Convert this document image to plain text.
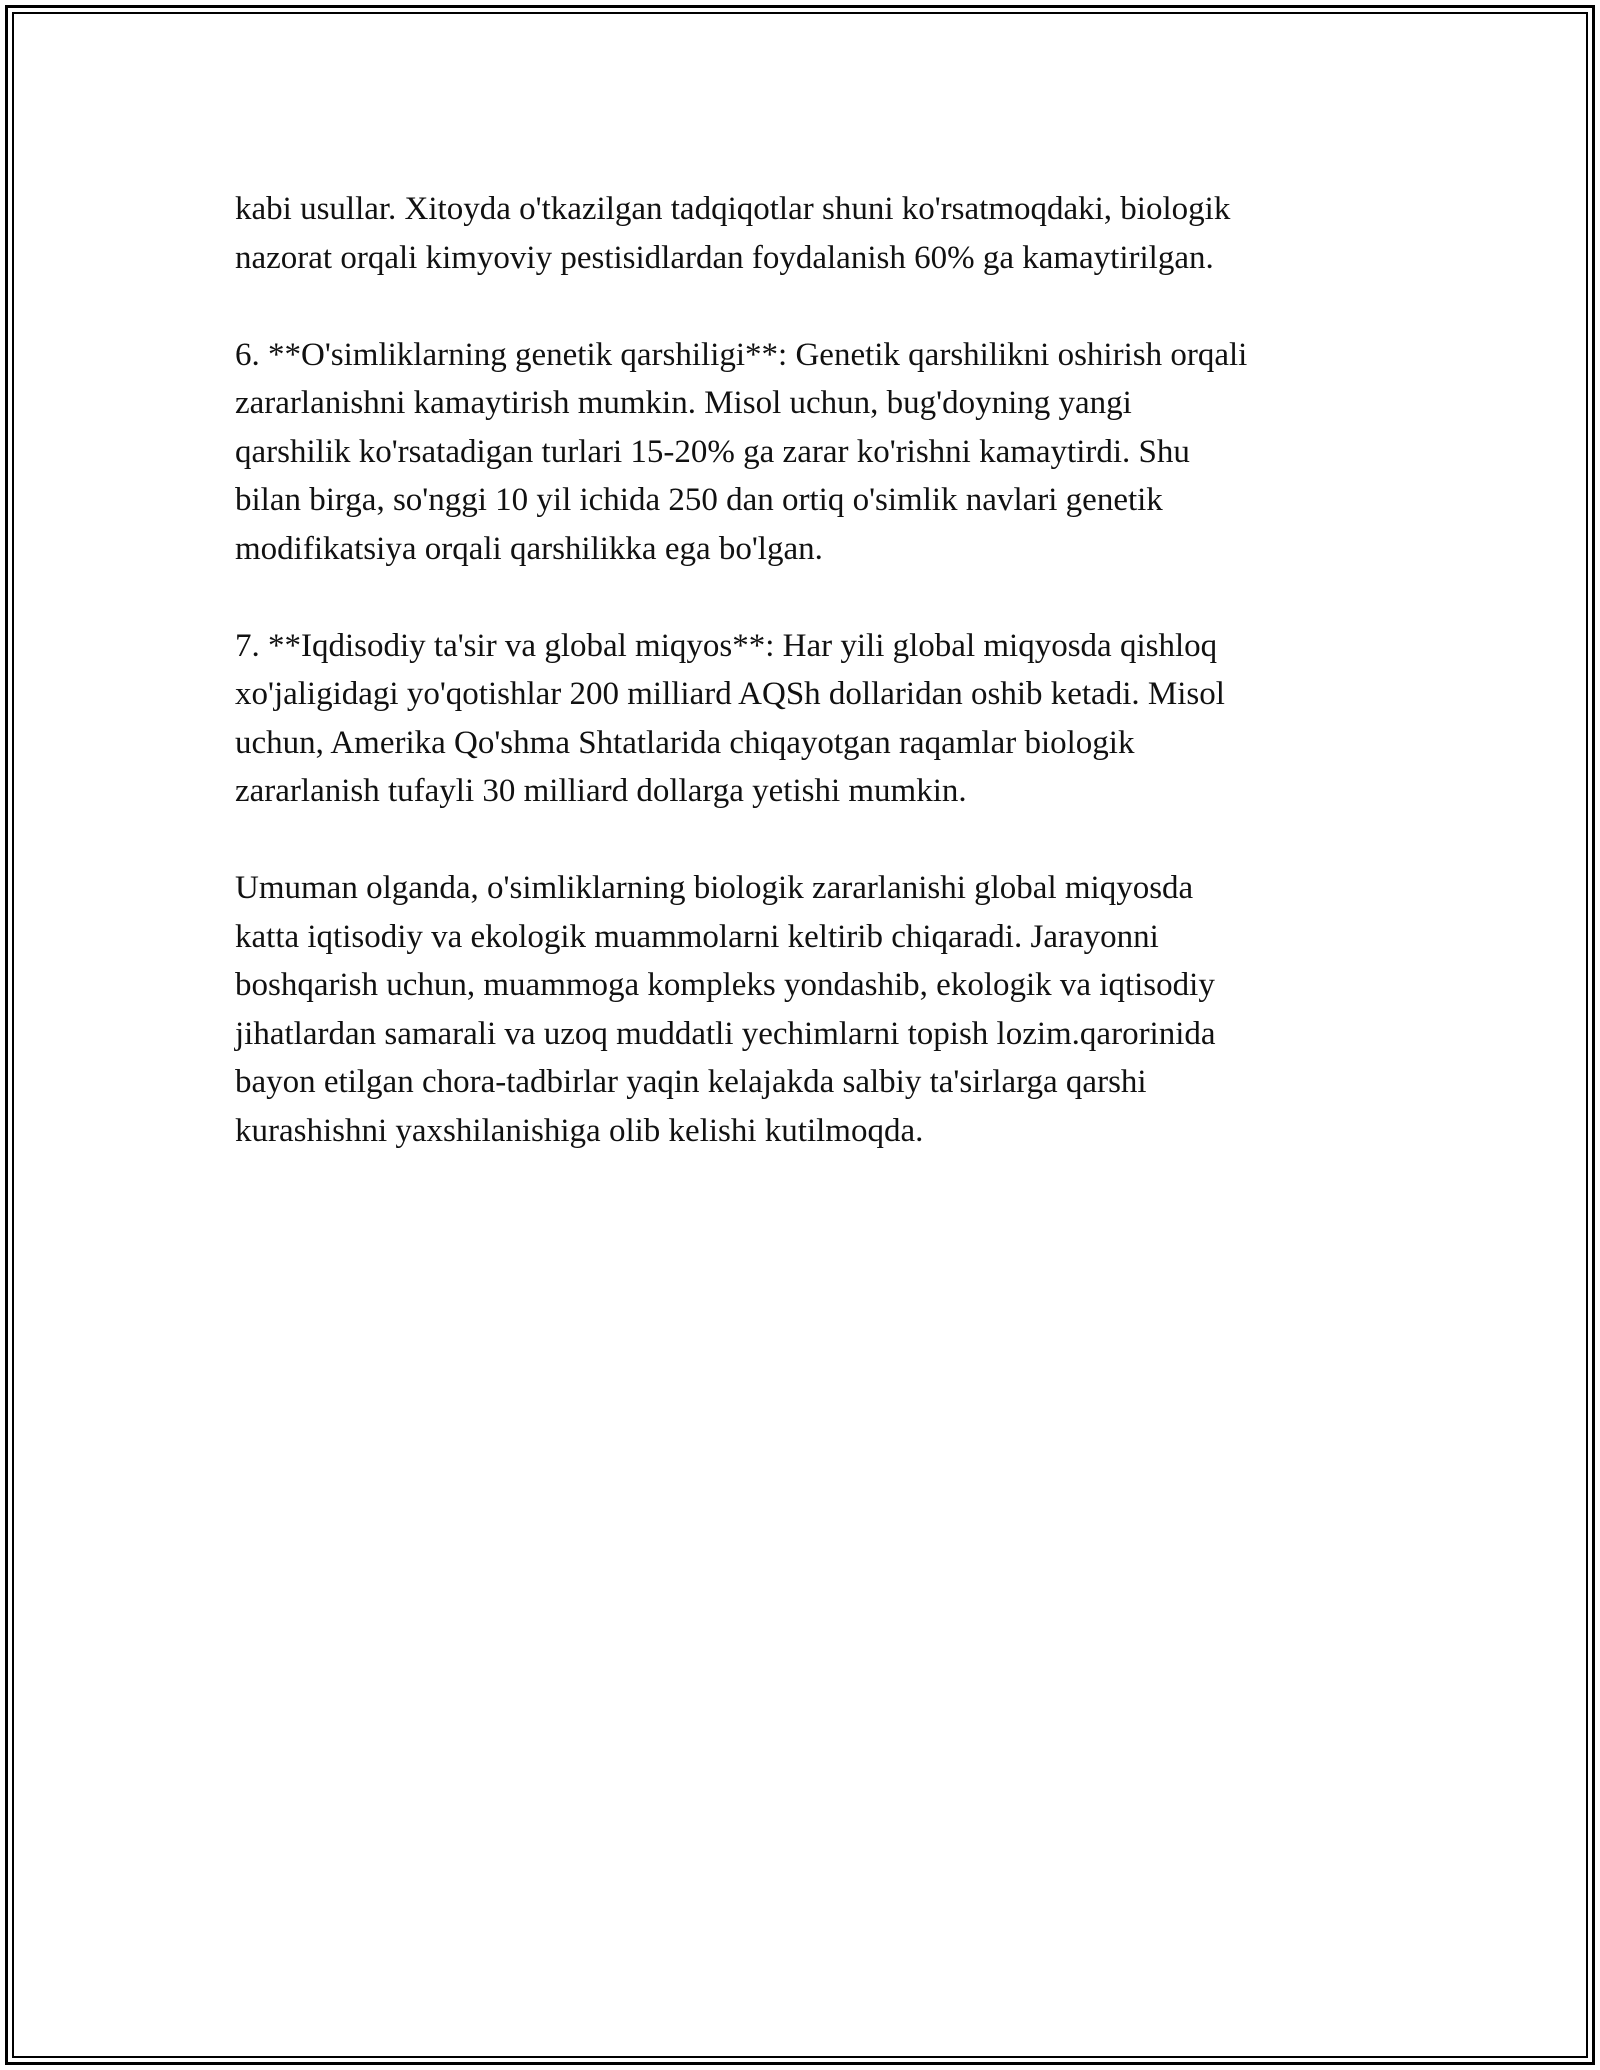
kabi usullar. Xitoyda o'tkazilgan tadqiqotlar shuni ko'rsatmoqdaki, biologik
nazorat orqali kimyoviy pestisidlardan foydalanish 60% ga kamaytirilgan.

6. **O'simliklarning genetik qarshiligi**: Genetik qarshilikni oshirish orqali
zararlanishni kamaytirish mumkin. Misol uchun, bug'doyning yangi
qarshilik ko'rsatadigan turlari 15-20% ga zarar ko'rishni kamaytirdi. Shu
bilan birga, so'nggi 10 yil ichida 250 dan ortiq o'simlik navlari genetik
modifikatsiya orqali qarshilikka ega bo'lgan.

7. **Iqdisodiy ta'sir va global miqyos**: Har yili global miqyosda qishloq
xo'jaligidagi yo'qotishlar 200 milliard AQSh dollaridan oshib ketadi. Misol
uchun, Amerika Qo'shma Shtatlarida chiqayotgan raqamlar biologik
zararlanish tufayli 30 milliard dollarga yetishi mumkin.

Umuman olganda, o'simliklarning biologik zararlanishi global miqyosda
katta iqtisodiy va ekologik muammolarni keltirib chiqaradi. Jarayonni
boshqarish uchun, muammoga kompleks yondashib, ekologik va iqtisodiy
jihatlardan samarali va uzoq muddatli yechimlarni topish lozim.qarorinida
bayon etilgan chora-tadbirlar yaqin kelajakda salbiy ta'sirlarga qarshi
kurashishni yaxshilanishiga olib kelishi kutilmoqda.
